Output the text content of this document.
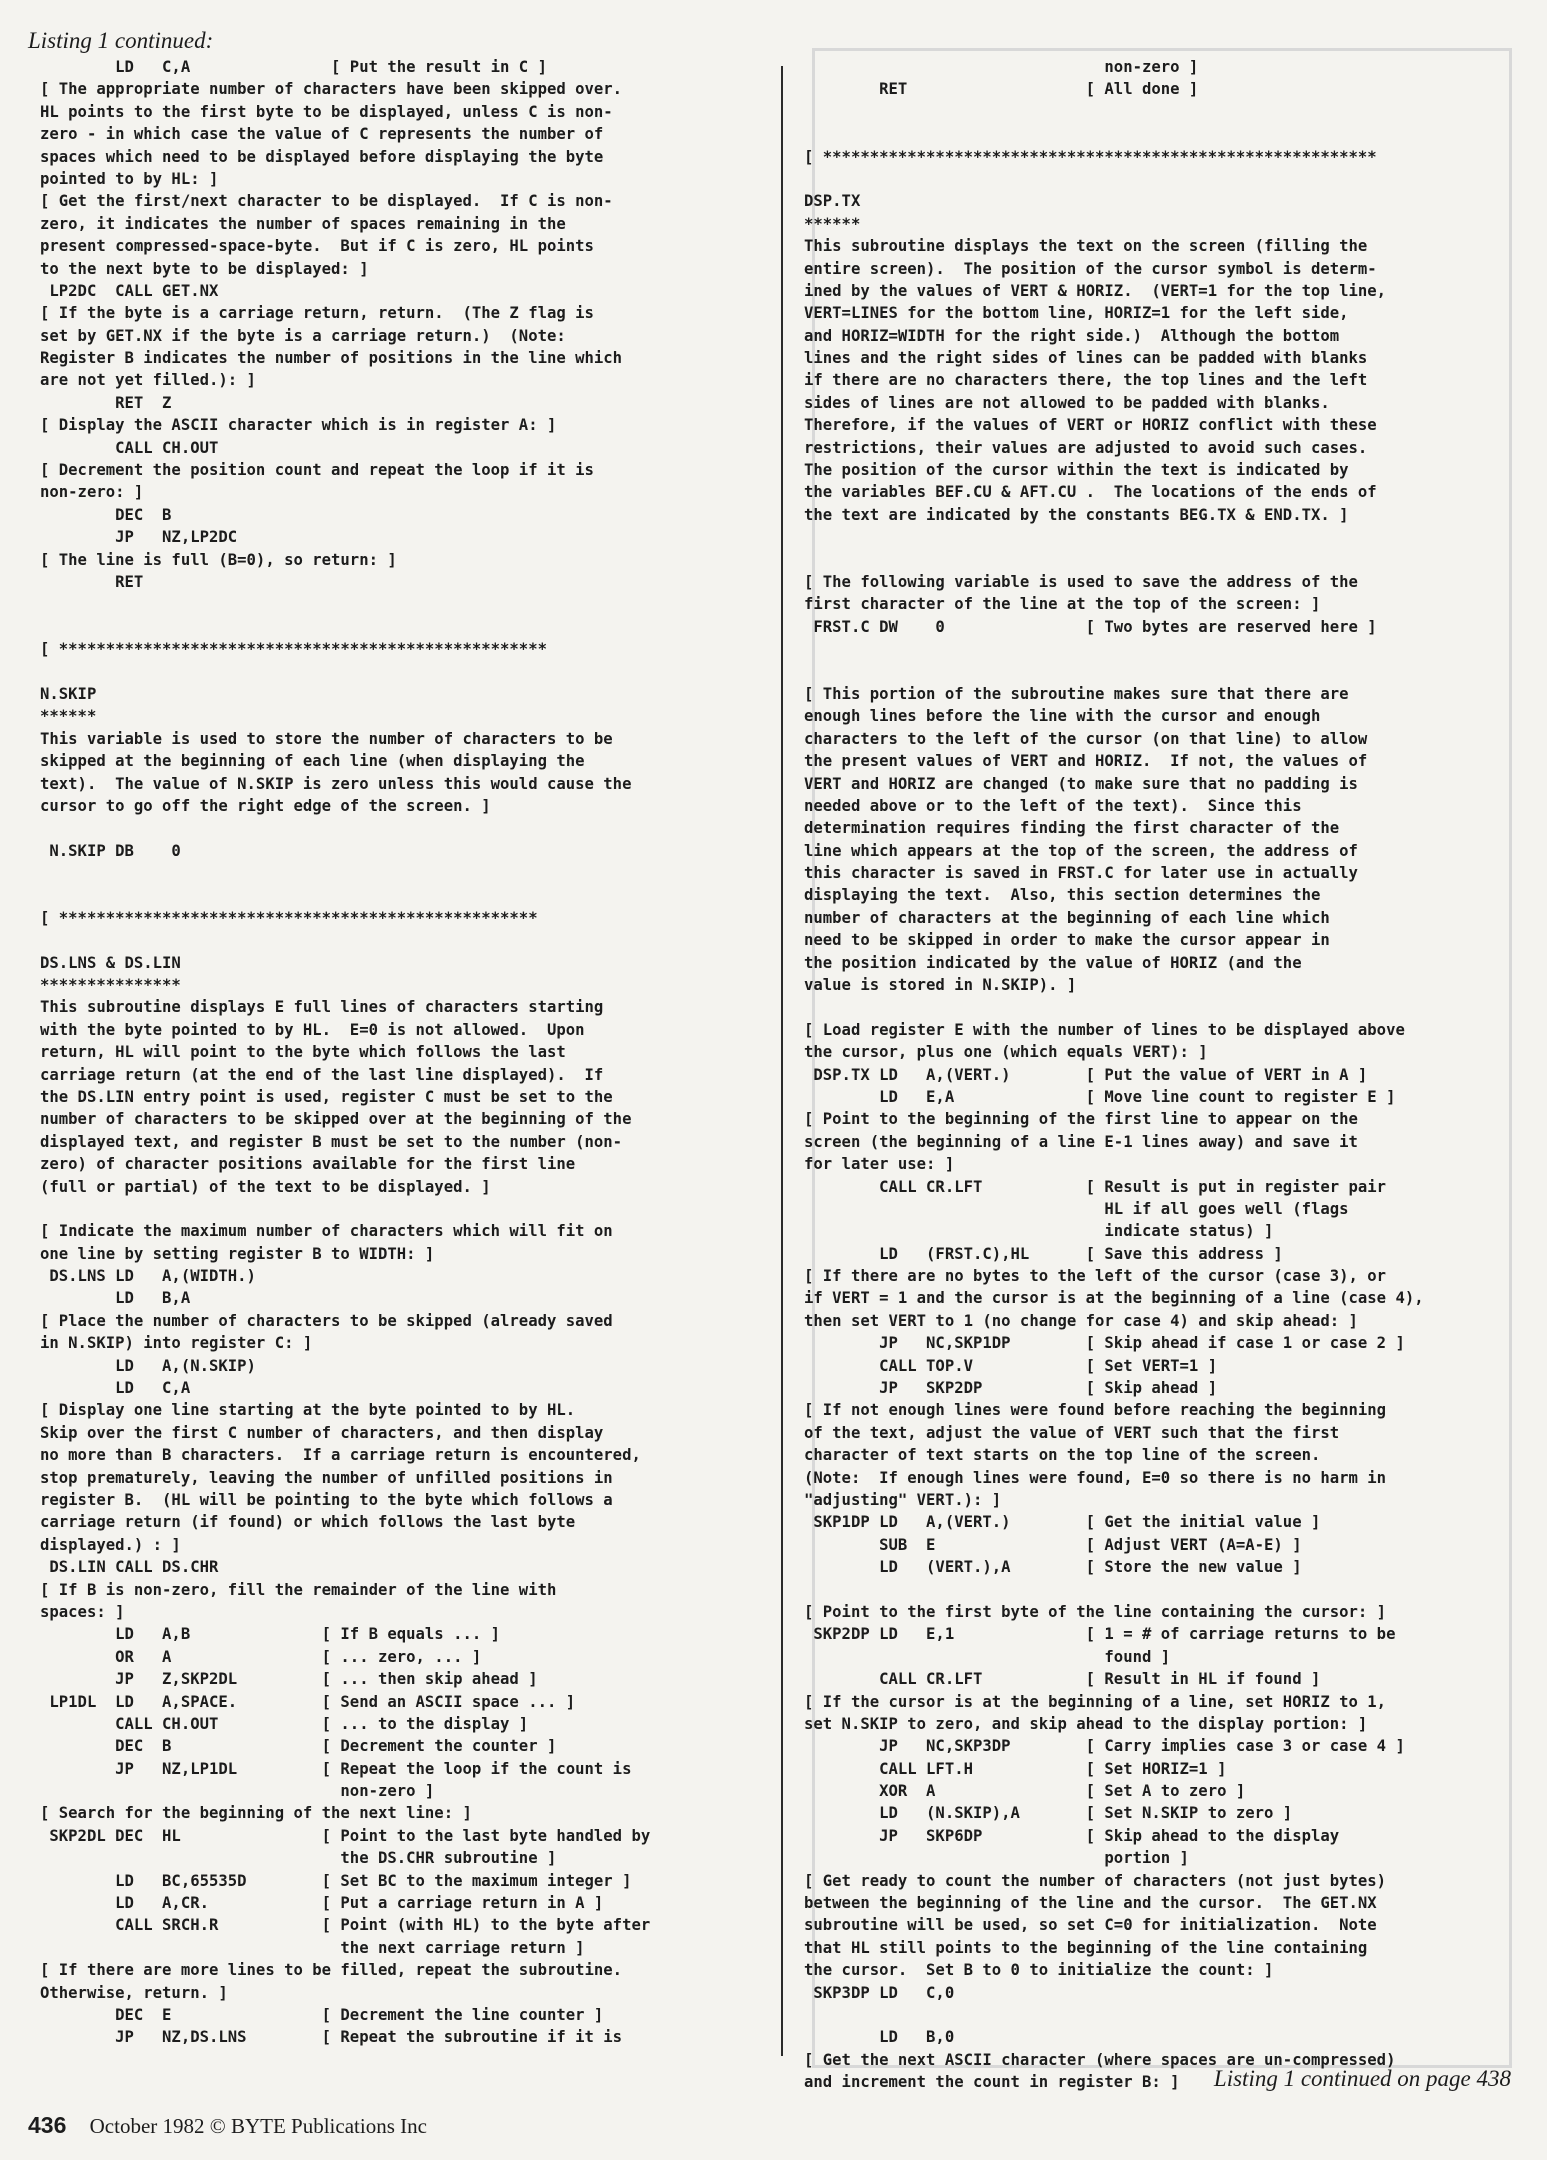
Listing 1 continued:
LD   C,A               [ Put the result in C ]
[ The appropriate number of characters have been skipped over.
HL points to the first byte to be displayed, unless C is non-
zero - in which case the value of C represents the number of
spaces which need to be displayed before displaying the byte
pointed to by HL: ]
[ Get the first/next character to be displayed.  If C is non-
zero, it indicates the number of spaces remaining in the
present compressed-space-byte.  But if C is zero, HL points
to the next byte to be displayed: ]
LP2DC  CALL GET.NX
[ If the byte is a carriage return, return.  (The Z flag is
set by GET.NX if the byte is a carriage return.)  (Note:
Register B indicates the number of positions in the line which
are not yet filled.): ]
RET  Z
[ Display the ASCII character which is in register A: ]
CALL CH.OUT
[ Decrement the position count and repeat the loop if it is
non-zero: ]
DEC  B
JP   NZ,LP2DC
[ The line is full (B=0), so return: ]
RET
[ ****************************************************
N.SKIP
******
This variable is used to store the number of characters to be
skipped at the beginning of each line (when displaying the
text).  The value of N.SKIP is zero unless this would cause the
cursor to go off the right edge of the screen. ]
N.SKIP DB    0
[ ***************************************************
DS.LNS & DS.LIN
***************
This subroutine displays E full lines of characters starting
with the byte pointed to by HL.  E=0 is not allowed.  Upon
return, HL will point to the byte which follows the last
carriage return (at the end of the last line displayed).  If
the DS.LIN entry point is used, register C must be set to the
number of characters to be skipped over at the beginning of the
displayed text, and register B must be set to the number (non-
zero) of character positions available for the first line
(full or partial) of the text to be displayed. ]
[ Indicate the maximum number of characters which will fit on
one line by setting register B to WIDTH: ]
DS.LNS LD   A,(WIDTH.)
LD   B,A
[ Place the number of characters to be skipped (already saved
in N.SKIP) into register C: ]
LD   A,(N.SKIP)
LD   C,A
[ Display one line starting at the byte pointed to by HL.
Skip over the first C number of characters, and then display
no more than B characters.  If a carriage return is encountered,
stop prematurely, leaving the number of unfilled positions in
register B.  (HL will be pointing to the byte which follows a
carriage return (if found) or which follows the last byte
displayed.) : ]
DS.LIN CALL DS.CHR
[ If B is non-zero, fill the remainder of the line with
spaces: ]
LD   A,B              [ If B equals ... ]
OR   A                [ ... zero, ... ]
JP   Z,SKP2DL         [ ... then skip ahead ]
LP1DL  LD   A,SPACE.         [ Send an ASCII space ... ]
CALL CH.OUT           [ ... to the display ]
DEC  B                [ Decrement the counter ]
JP   NZ,LP1DL         [ Repeat the loop if the count is
non-zero ]
[ Search for the beginning of the next line: ]
SKP2DL DEC  HL               [ Point to the last byte handled by
the DS.CHR subroutine ]
LD   BC,65535D        [ Set BC to the maximum integer ]
LD   A,CR.            [ Put a carriage return in A ]
CALL SRCH.R           [ Point (with HL) to the byte after
the next carriage return ]
[ If there are more lines to be filled, repeat the subroutine.
Otherwise, return. ]
DEC  E                [ Decrement the line counter ]
JP   NZ,DS.LNS        [ Repeat the subroutine if it is
non-zero ]
RET                   [ All done ]
[ ***********************************************************
DSP.TX
******
This subroutine displays the text on the screen (filling the
entire screen).  The position of the cursor symbol is determ-
ined by the values of VERT & HORIZ.  (VERT=1 for the top line,
VERT=LINES for the bottom line, HORIZ=1 for the left side,
and HORIZ=WIDTH for the right side.)  Although the bottom
lines and the right sides of lines can be padded with blanks
if there are no characters there, the top lines and the left
sides of lines are not allowed to be padded with blanks.
Therefore, if the values of VERT or HORIZ conflict with these
restrictions, their values are adjusted to avoid such cases.
The position of the cursor within the text is indicated by
the variables BEF.CU & AFT.CU .  The locations of the ends of
the text are indicated by the constants BEG.TX & END.TX. ]
[ The following variable is used to save the address of the
first character of the line at the top of the screen: ]
FRST.C DW    0               [ Two bytes are reserved here ]
[ This portion of the subroutine makes sure that there are
enough lines before the line with the cursor and enough
characters to the left of the cursor (on that line) to allow
the present values of VERT and HORIZ.  If not, the values of
VERT and HORIZ are changed (to make sure that no padding is
needed above or to the left of the text).  Since this
determination requires finding the first character of the
line which appears at the top of the screen, the address of
this character is saved in FRST.C for later use in actually
displaying the text.  Also, this section determines the
number of characters at the beginning of each line which
need to be skipped in order to make the cursor appear in
the position indicated by the value of HORIZ (and the
value is stored in N.SKIP). ]
[ Load register E with the number of lines to be displayed above
the cursor, plus one (which equals VERT): ]
DSP.TX LD   A,(VERT.)        [ Put the value of VERT in A ]
LD   E,A              [ Move line count to register E ]
[ Point to the beginning of the first line to appear on the
screen (the beginning of a line E-1 lines away) and save it
for later use: ]
CALL CR.LFT           [ Result is put in register pair
HL if all goes well (flags
indicate status) ]
LD   (FRST.C),HL      [ Save this address ]
[ If there are no bytes to the left of the cursor (case 3), or
if VERT = 1 and the cursor is at the beginning of a line (case 4),
then set VERT to 1 (no change for case 4) and skip ahead: ]
JP   NC,SKP1DP        [ Skip ahead if case 1 or case 2 ]
CALL TOP.V            [ Set VERT=1 ]
JP   SKP2DP           [ Skip ahead ]
[ If not enough lines were found before reaching the beginning
of the text, adjust the value of VERT such that the first
character of text starts on the top line of the screen.
(Note:  If enough lines were found, E=0 so there is no harm in
"adjusting" VERT.): ]
SKP1DP LD   A,(VERT.)        [ Get the initial value ]
SUB  E                [ Adjust VERT (A=A-E) ]
LD   (VERT.),A        [ Store the new value ]
[ Point to the first byte of the line containing the cursor: ]
SKP2DP LD   E,1              [ 1 = # of carriage returns to be
found ]
CALL CR.LFT           [ Result in HL if found ]
[ If the cursor is at the beginning of a line, set HORIZ to 1,
set N.SKIP to zero, and skip ahead to the display portion: ]
JP   NC,SKP3DP        [ Carry implies case 3 or case 4 ]
CALL LFT.H            [ Set HORIZ=1 ]
XOR  A                [ Set A to zero ]
LD   (N.SKIP),A       [ Set N.SKIP to zero ]
JP   SKP6DP           [ Skip ahead to the display
portion ]
[ Get ready to count the number of characters (not just bytes)
between the beginning of the line and the cursor.  The GET.NX
subroutine will be used, so set C=0 for initialization.  Note
that HL still points to the beginning of the line containing
the cursor.  Set B to 0 to initialize the count: ]
SKP3DP LD   C,0
LD   B,0
[ Get the next ASCII character (where spaces are un-compressed)
and increment the count in register B: ]	Listing 1 continued on page 438
436 October 1982 © BYTE Publications Inc
